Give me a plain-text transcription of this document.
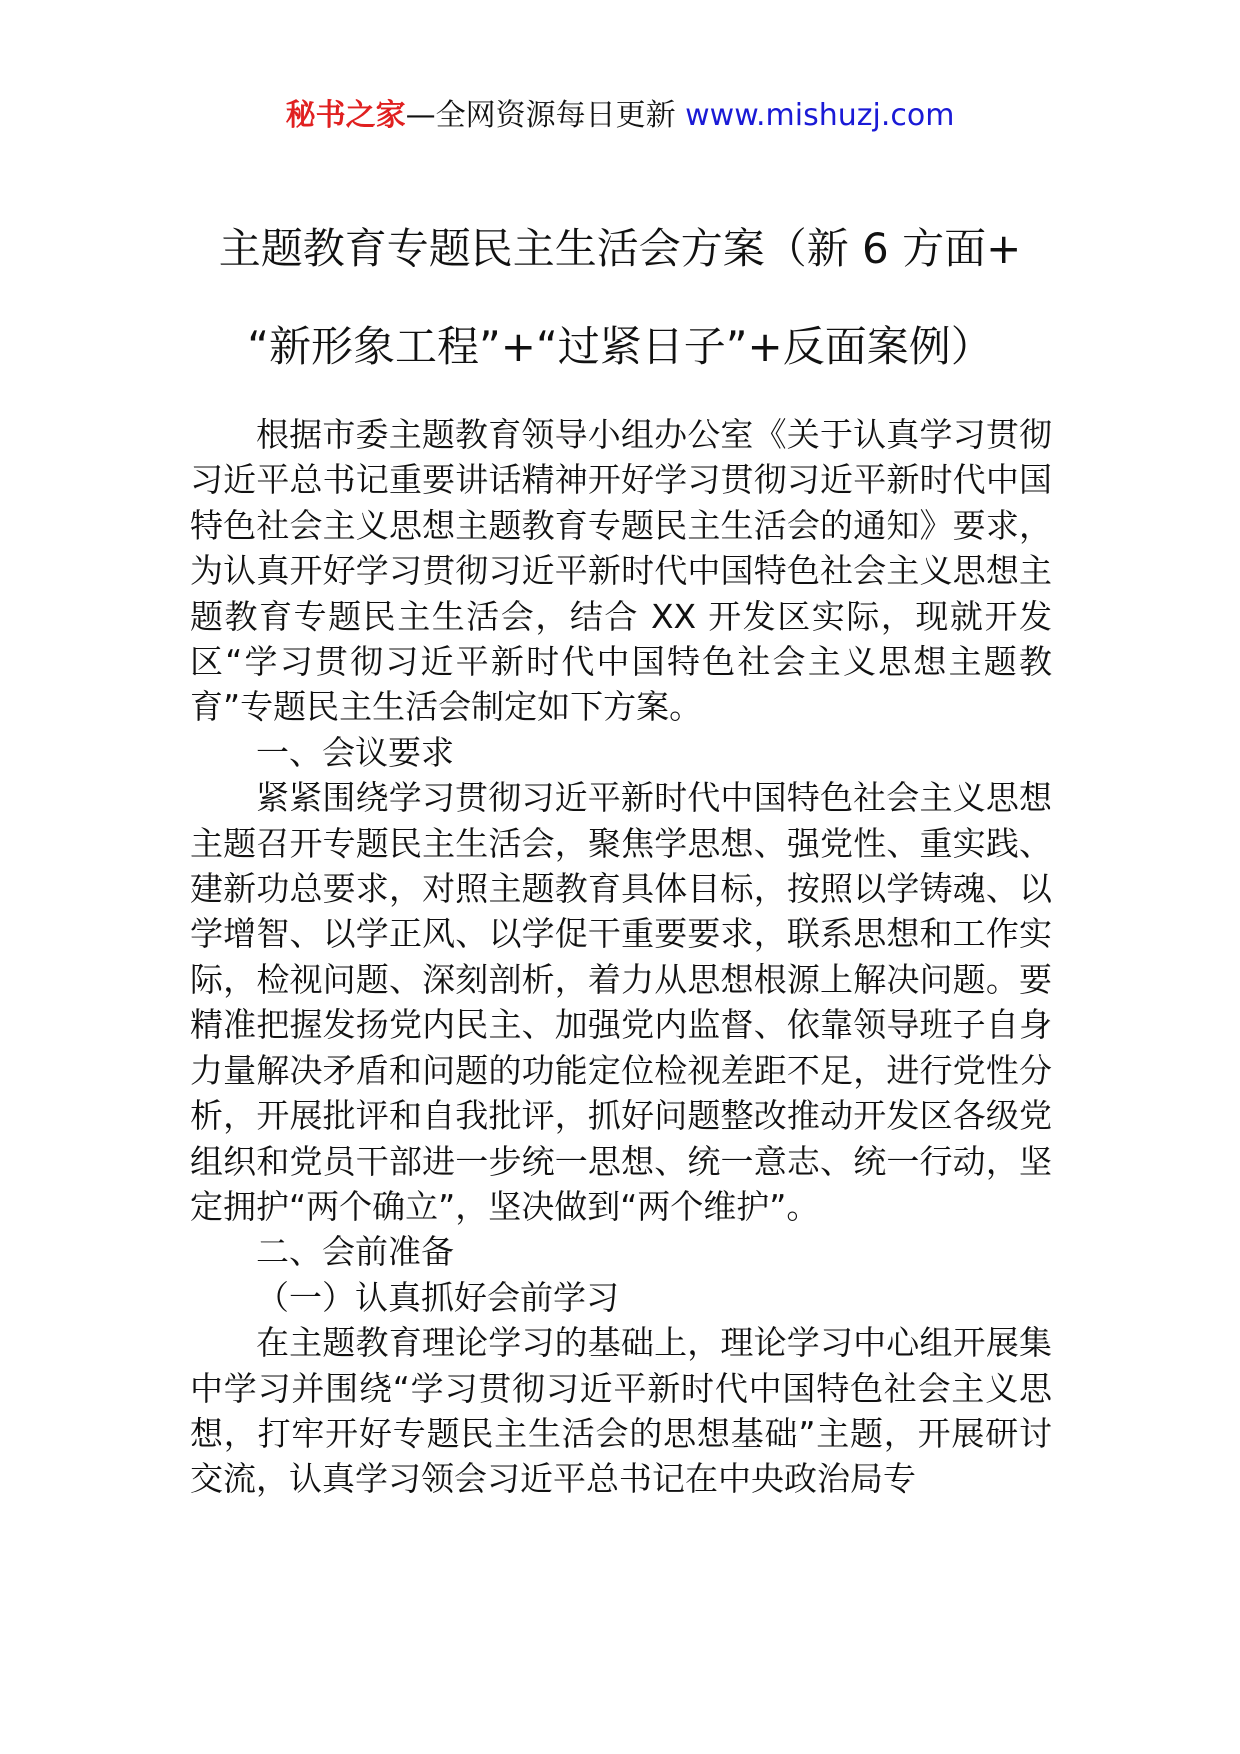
秘书之家—全网资源每日更新 www.mishuzj.com
主题教育专题民主生活会方案（新 6 方面+
“新形象工程”+“过紧日子”+反面案例）

根据市委主题教育领导小组办公室《关于认真学习贯彻习近平总书记重要讲话精神开好学习贯彻习近平新时代中国特色社会主义思想主题教育专题民主生活会的通知》要求，为认真开好学习贯彻习近平新时代中国特色社会主义思想主题教育专题民主生活会，结合 XX 开发区实际，现就开发区“学习贯彻习近平新时代中国特色社会主义思想主题教育”专题民主生活会制定如下方案。

一、会议要求

紧紧围绕学习贯彻习近平新时代中国特色社会主义思想主题召开专题民主生活会，聚焦学思想、强党性、重实践、建新功总要求，对照主题教育具体目标，按照以学铸魂、以学增智、以学正风、以学促干重要要求，联系思想和工作实际，检视问题、深刻剖析，着力从思想根源上解决问题。要精准把握发扬党内民主、加强党内监督、依靠领导班子自身力量解决矛盾和问题的功能定位检视差距不足，进行党性分析，开展批评和自我批评，抓好问题整改推动开发区各级党组织和党员干部进一步统一思想、统一意志、统一行动，坚定拥护“两个确立”，坚决做到“两个维护”。

二、会前准备

（一）认真抓好会前学习

在主题教育理论学习的基础上，理论学习中心组开展集中学习并围绕“学习贯彻习近平新时代中国特色社会主义思想，打牢开好专题民主生活会的思想基础”主题，开展研讨交流，认真学习领会习近平总书记在中央政治局专
